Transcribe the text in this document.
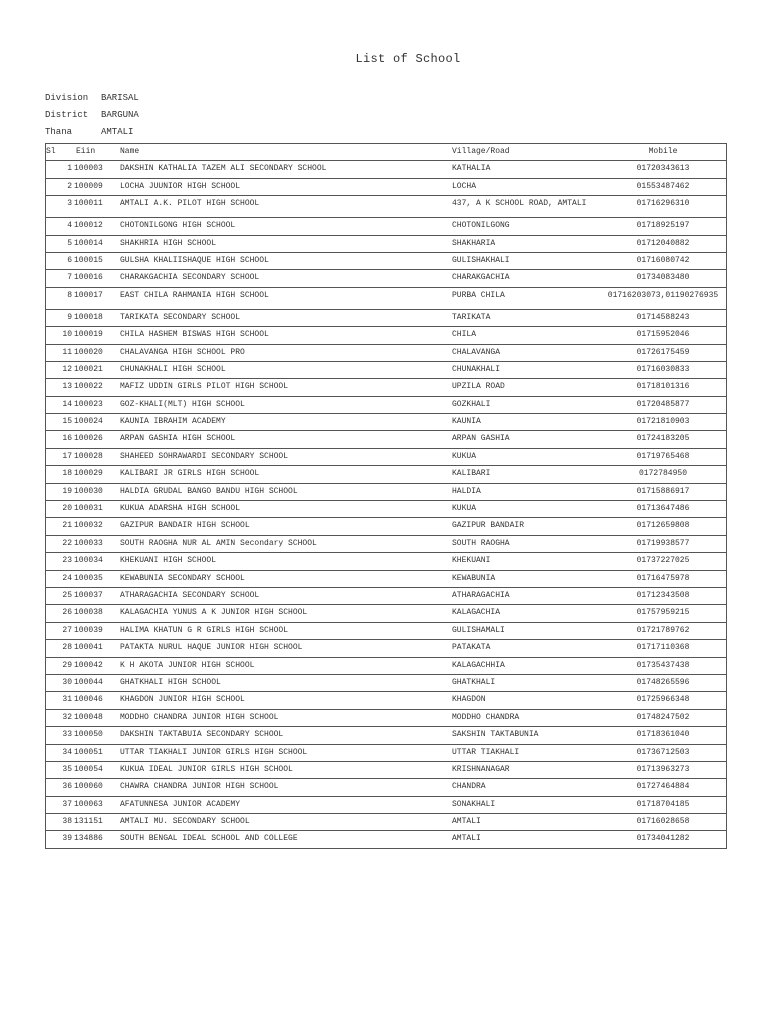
List of School
Division BARISAL
District BARGUNA
Thana	AMTALI
Sl	Eiin	Name	Village/Road	Mobile
1	100003	DAKSHIN KATHALIA TAZEM ALI SECONDARY SCHOOL	KATHALIA	01720343613
2	100009	LOCHA JUUNIOR HIGH SCHOOL	LOCHA	01553487462
3	100011	AMTALI A.K. PILOT HIGH SCHOOL	437, A K SCHOOL ROAD, AMTALI	01716296310
4	100012	CHOTONILGONG HIGH SCHOOL	CHOTONILGONG	01718925197
5	100014	SHAKHRIA HIGH SCHOOL	SHAKHARIA	01712040882
6	100015	GULSHA KHALIISHAQUE HIGH SCHOOL	GULISHAKHALI	01716080742
7	100016	CHARAKGACHIA SECONDARY SCHOOL	CHARAKGACHIA	01734083480
8	100017	EAST CHILA RAHMANIA HIGH SCHOOL	PURBA CHILA	01716203073,01190276935
9	100018	TARIKATA SECONDARY SCHOOL	TARIKATA	01714588243
10	100019	CHILA HASHEM BISWAS HIGH SCHOOL	CHILA	01715952046
11	100020	CHALAVANGA HIGH SCHOOL PRO	CHALAVANGA	01726175459
12	100021	CHUNAKHALI HIGH SCHOOL	CHUNAKHALI	01716030833
13	100022	MAFIZ UDDIN GIRLS PILOT HIGH SCHOOL	UPZILA ROAD	01718101316
14	100023	GOZ-KHALI(MLT) HIGH SCHOOL	GOZKHALI	01720485877
15	100024	KAUNIA IBRAHIM ACADEMY	KAUNIA	01721810903
16	100026	ARPAN GASHIA HIGH SCHOOL	ARPAN GASHIA	01724183205
17	100028	SHAHEED SOHRAWARDI SECONDARY SCHOOL	KUKUA	01719765468
18	100029	KALIBARI JR GIRLS HIGH SCHOOL	KALIBARI	0172784950
19	100030	HALDIA GRUDAL BANGO BANDU HIGH SCHOOL	HALDIA	01715886917
20	100031	KUKUA ADARSHA HIGH SCHOOL	KUKUA	01713647486
21	100032	GAZIPUR BANDAIR HIGH SCHOOL	GAZIPUR BANDAIR	01712659808
22	100033	SOUTH RAOGHA NUR AL AMIN Secondary SCHOOL	SOUTH RAOGHA	01719938577
23	100034	KHEKUANI HIGH SCHOOL	KHEKUANI	01737227025
24	100035	KEWABUNIA SECONDARY SCHOOL	KEWABUNIA	01716475978
25	100037	ATHARAGACHIA SECONDARY SCHOOL	ATHARAGACHIA	01712343508
26	100038	KALAGACHIA YUNUS A K JUNIOR HIGH SCHOOL	KALAGACHIA	01757959215
27	100039	HALIMA KHATUN G R GIRLS HIGH SCHOOL	GULISHAMALI	01721789762
28	100041	PATAKTA NURUL HAQUE JUNIOR HIGH SCHOOL	PATAKATA	01717110368
29	100042	K H AKOTA JUNIOR HIGH SCHOOL	KALAGACHHIA	01735437438
30	100044	GHATKHALI HIGH SCHOOL	GHATKHALI	01748265596
31	100046	KHAGDON JUNIOR HIGH SCHOOL	KHAGDON	01725966348
32	100048	MODDHO CHANDRA JUNIOR HIGH SCHOOL	MODDHO CHANDRA	01748247502
33	100050	DAKSHIN TAKTABUIA SECONDARY SCHOOL	SAKSHIN TAKTABUNIA	01718361040
34	100051	UTTAR TIAKHALI JUNIOR GIRLS HIGH SCHOOL	UTTAR TIAKHALI	01736712503
35	100054	KUKUA IDEAL JUNIOR GIRLS HIGH SCHOOL	KRISHNANAGAR	01713963273
36	100060	CHAWRA CHANDRA JUNIOR HIGH SCHOOL	CHANDRA	01727464884
37	100063	AFATUNNESA JUNIOR ACADEMY	SONAKHALI	01718704185
38	131151	AMTALI MU. SECONDARY SCHOOL	AMTALI	01716028658
39	134886	SOUTH BENGAL IDEAL SCHOOL AND COLLEGE	AMTALI	01734041282
